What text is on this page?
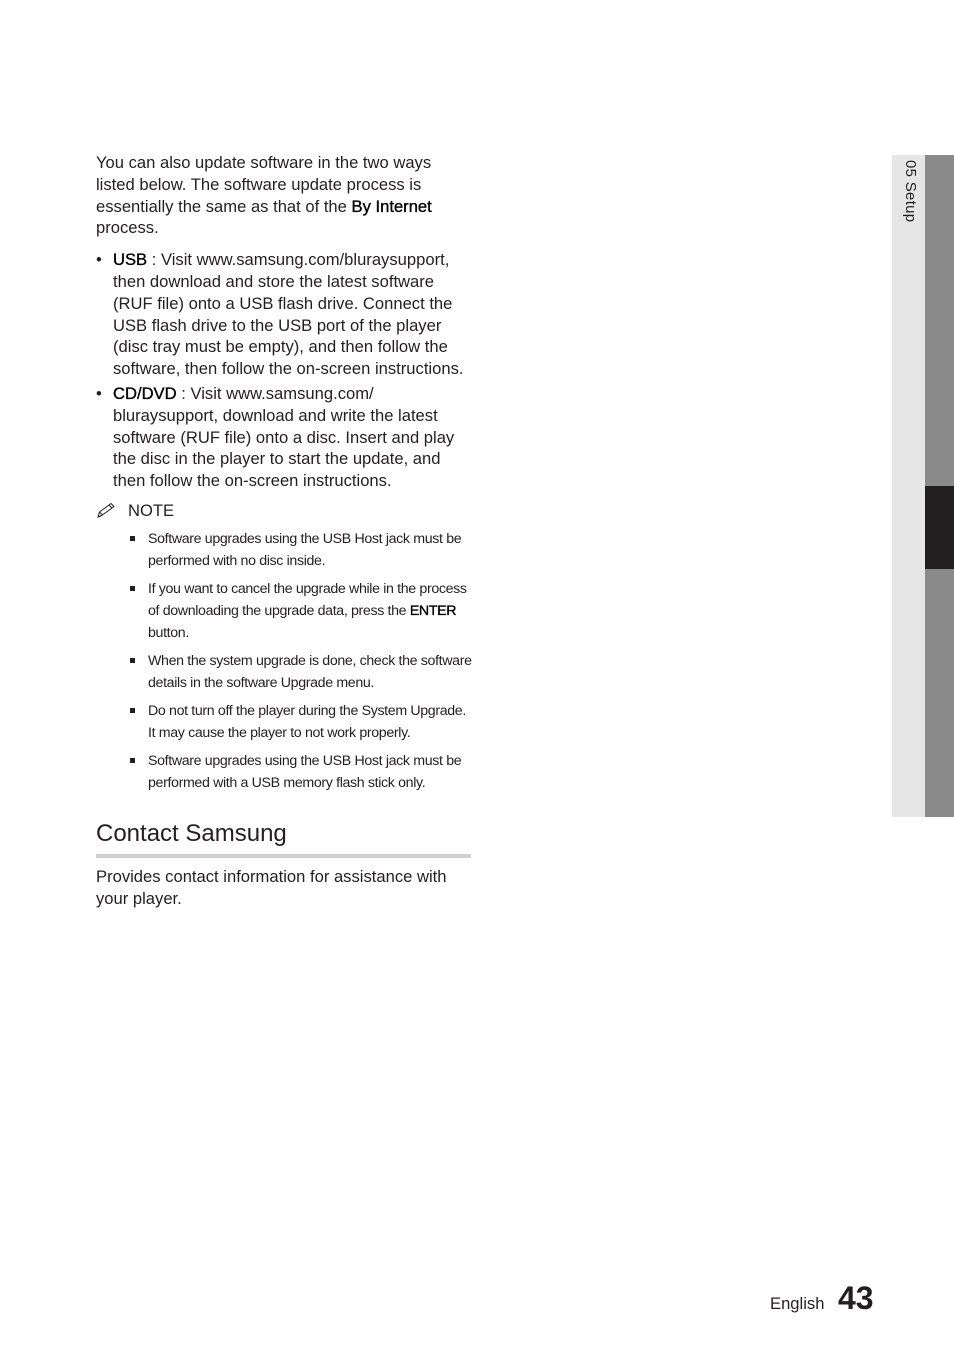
05 Setup

You can also update software in the two ways listed below. The software update process is essentially the same as that of the By Internet process.

• USB : Visit www.samsung.com/bluraysupport, then download and store the latest software (RUF file) onto a USB flash drive. Connect the USB flash drive to the USB port of the player (disc tray must be empty), and then follow the software, then follow the on-screen instructions.
• CD/DVD : Visit www.samsung.com/ bluraysupport, download and write the latest software (RUF file) onto a disc. Insert and play the disc in the player to start the update, and then follow the on-screen instructions.
NOTE
Software upgrades using the USB Host jack must be performed with no disc inside.
If you want to cancel the upgrade while in the process of downloading the upgrade data, press the ENTER button.
When the system upgrade is done, check the software details in the software Upgrade menu.
Do not turn off the player during the System Upgrade. It may cause the player to not work properly.
Software upgrades using the USB Host jack must be performed with a USB memory flash stick only.

Contact Samsung

Provides contact information for assistance with your player.

English 43
